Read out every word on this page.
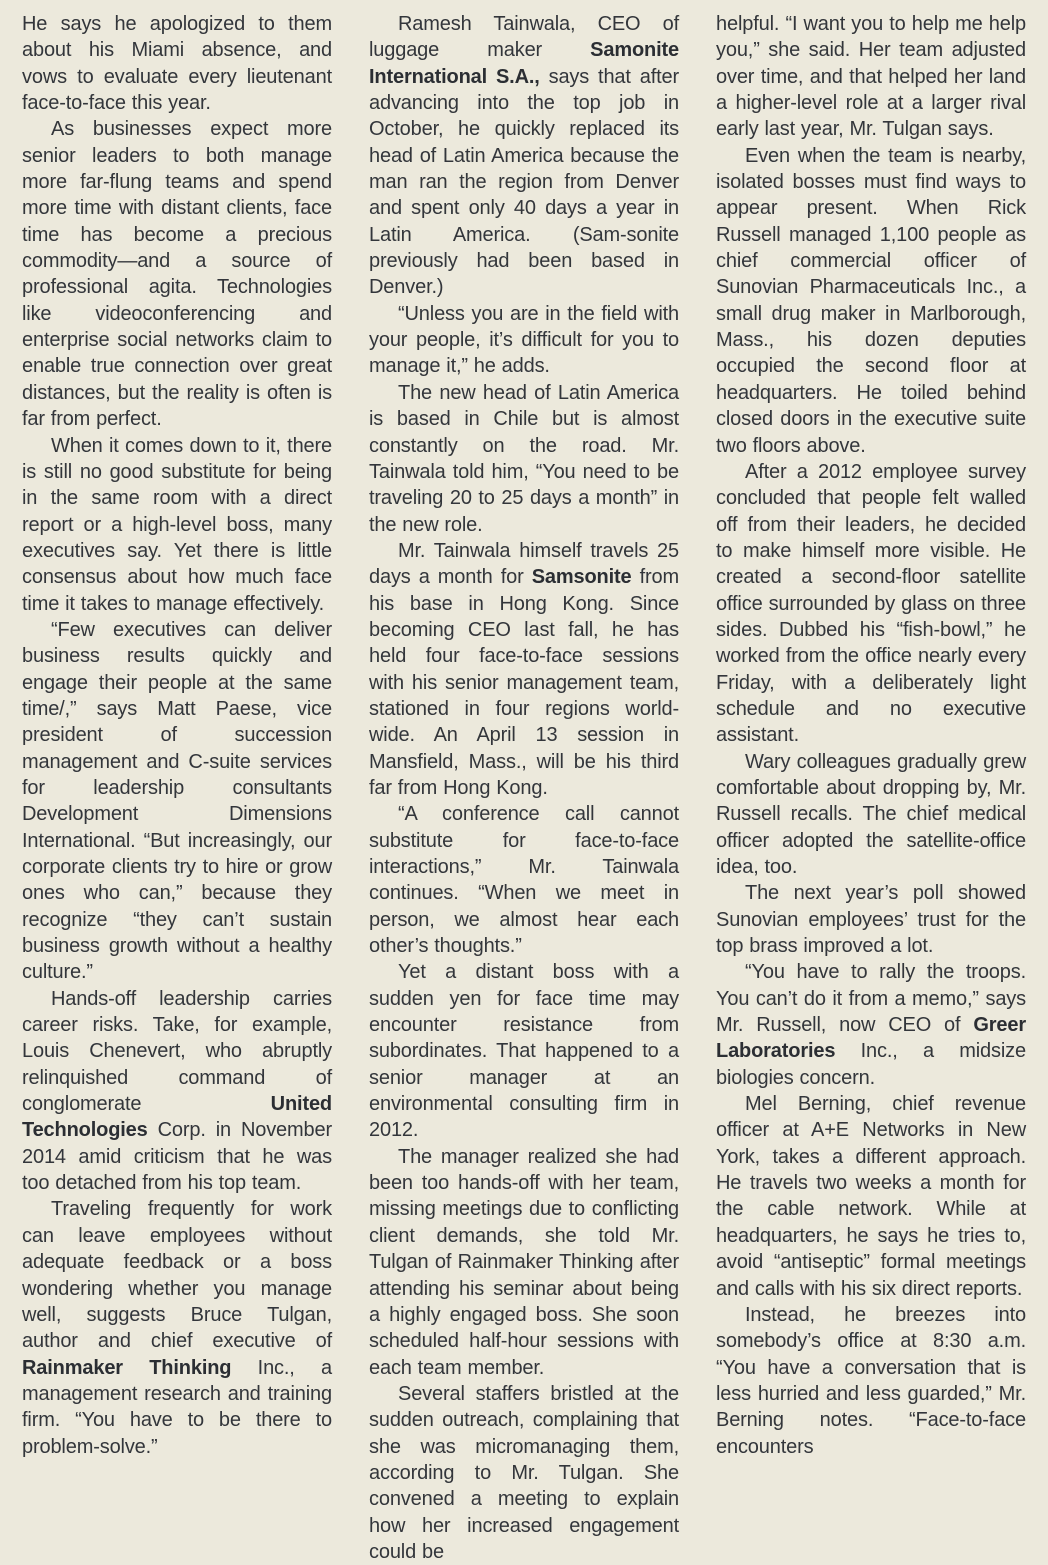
He says he apologized to them about his Miami absence, and vows to evaluate every lieutenant face-to-face this year.

As businesses expect more senior leaders to both manage more far-flung teams and spend more time with distant clients, face time has become a precious commodity—and a source of professional agita. Technologies like videoconferencing and enterprise social networks claim to enable true connection over great distances, but the reality is often is far from perfect.

When it comes down to it, there is still no good substitute for being in the same room with a direct report or a high-level boss, many executives say. Yet there is little consensus about how much face time it takes to manage effectively.

“Few executives can deliver business results quickly and engage their people at the same time/,” says Matt Paese, vice president of succession management and C-suite services for leadership consultants Development Dimensions International. “But increasingly, our corporate clients try to hire or grow ones who can,” because they recognize “they can’t sustain business growth without a healthy culture.”

Hands-off leadership carries career risks. Take, for example, Louis Chenevert, who abruptly relinquished command of conglomerate United Technologies Corp. in November 2014 amid criticism that he was too detached from his top team.

Traveling frequently for work can leave employees without adequate feedback or a boss wondering whether you manage well, suggests Bruce Tulgan, author and chief executive of Rainmaker Thinking Inc., a management research and training firm. “You have to be there to problem-solve.”

Ramesh Tainwala, CEO of luggage maker Samonite International S.A., says that after advancing into the top job in October, he quickly replaced its head of Latin America because the man ran the region from Denver and spent only 40 days a year in Latin America. (Sam-sonite previously had been based in Denver.)

“Unless you are in the field with your people, it’s difficult for you to manage it,” he adds.

The new head of Latin America is based in Chile but is almost constantly on the road. Mr. Tainwala told him, “You need to be traveling 20 to 25 days a month” in the new role.

Mr. Tainwala himself travels 25 days a month for Samsonite from his base in Hong Kong. Since becoming CEO last fall, he has held four face-to-face sessions with his senior management team, stationed in four regions world-wide. An April 13 session in Mansfield, Mass., will be his third far from Hong Kong.

“A conference call cannot substitute for face-to-face interactions,” Mr. Tainwala continues. “When we meet in person, we almost hear each other’s thoughts.”

Yet a distant boss with a sudden yen for face time may encounter resistance from subordinates. That happened to a senior manager at an environmental consulting firm in 2012.

The manager realized she had been too hands-off with her team, missing meetings due to conflicting client demands, she told Mr. Tulgan of Rainmaker Thinking after attending his seminar about being a highly engaged boss. She soon scheduled half-hour sessions with each team member.

Several staffers bristled at the sudden outreach, complaining that she was micromanaging them, according to Mr. Tulgan. She convened a meeting to explain how her increased engagement could be

helpful. “I want you to help me help you,” she said. Her team adjusted over time, and that helped her land a higher-level role at a larger rival early last year, Mr. Tulgan says.

Even when the team is nearby, isolated bosses must find ways to appear present. When Rick Russell managed 1,100 people as chief commercial officer of Sunovian Pharmaceuticals Inc., a small drug maker in Marlborough, Mass., his dozen deputies occupied the second floor at headquarters. He toiled behind closed doors in the executive suite two floors above.

After a 2012 employee survey concluded that people felt walled off from their leaders, he decided to make himself more visible. He created a second-floor satellite office surrounded by glass on three sides. Dubbed his “fish-bowl,” he worked from the office nearly every Friday, with a deliberately light schedule and no executive assistant.

Wary colleagues gradually grew comfortable about dropping by, Mr. Russell recalls. The chief medical officer adopted the satellite-office idea, too.

The next year’s poll showed Sunovian employees’ trust for the top brass improved a lot.

“You have to rally the troops. You can’t do it from a memo,” says Mr. Russell, now CEO of Greer Laboratories Inc., a midsize biologies concern.

Mel Berning, chief revenue officer at A+E Networks in New York, takes a different approach. He travels two weeks a month for the cable network. While at headquarters, he says he tries to, avoid “antiseptic” formal meetings and calls with his six direct reports.

Instead, he breezes into somebody’s office at 8:30 a.m. “You have a conversation that is less hurried and less guarded,” Mr. Berning notes. “Face-to-face encounters
